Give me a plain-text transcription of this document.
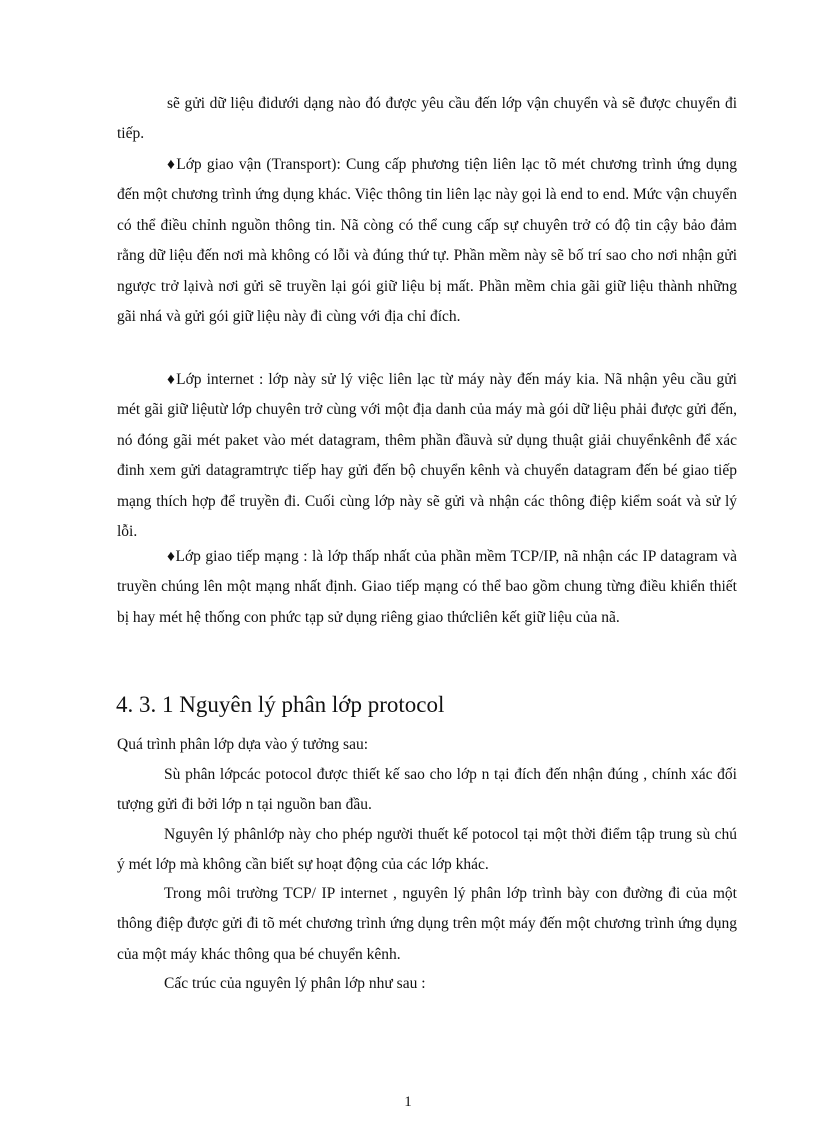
sẽ gửi dữ liệu đidưới dạng nào đó được yêu cầu đến lớp vận chuyển và sẽ được chuyển đi tiếp.

♦Lớp giao vận (Transport): Cung cấp phương tiện liên lạc tõ mét chương trình ứng dụng đến một chương trình ứng dụng khác. Việc thông tin liên lạc này gọi là end to end. Mức vận chuyển có thể điều chỉnh nguồn thông tin. Nã còng có thể cung cấp sự chuyên trở có độ tin cậy bảo đảm rằng dữ liệu đến nơi mà không có lỗi và đúng thứ tự. Phần mềm này sẽ bố trí sao cho nơi nhận gửi ngược trở lạivà nơi gửi sẽ truyền lại gói giữ liệu bị mất. Phần mềm chia gãi giữ liệu thành những gãi nhá và gửi gói giữ liệu này đi cùng với địa chỉ đích.

♦Lớp internet : lớp này sử lý việc liên lạc từ máy này đến máy kia. Nã nhận yêu cầu gửi mét gãi giữ liệutừ lớp chuyên trở cùng với một địa danh của máy mà gói dữ liệu phải được gửi đến, nó đóng gãi mét paket vào mét datagram, thêm phần đầuvà sử dụng thuật giải chuyểnkênh để xác đinh xem gửi datagramtrực tiếp hay gửi đến bộ chuyển kênh và chuyển datagram đến bé giao tiếp mạng thích hợp để truyền đi. Cuối cùng lớp này sẽ gửi và nhận các thông điệp kiểm soát và sử lý lỗi.

♦Lớp giao tiếp mạng : là lớp thấp nhất của phần mềm TCP/IP, nã nhận các IP datagram và truyền chúng lên một mạng nhất định. Giao tiếp mạng có thể bao gồm chung từng điều khiển thiết bị hay mét hệ thống con phức tạp sử dụng riêng giao thứcliên kết giữ liệu của nã.

4. 3. 1 Nguyên lý phân lớp protocol

Quá trình phân lớp dựa vào ý tưởng sau:

Sù phân lớpcác potocol được thiết kế sao cho lớp n tại đích đến nhận đúng , chính xác đối tượng gửi đi bởi lớp n tại nguồn ban đầu.

Nguyên lý phânlớp này cho phép người thuết kế potocol tại một thời điểm tập trung sù chú ý mét lớp mà không cần biết sự hoạt động của các lớp khác.

Trong môi trường TCP/ IP internet , nguyên lý phân lớp trình bày con đường đi của một thông điệp được gửi đi tõ mét chương trình ứng dụng trên một máy đến một chương trình ứng dụng của một máy khác thông qua bé chuyển kênh.

Cấc trúc của nguyên lý phân lớp như sau :

1
